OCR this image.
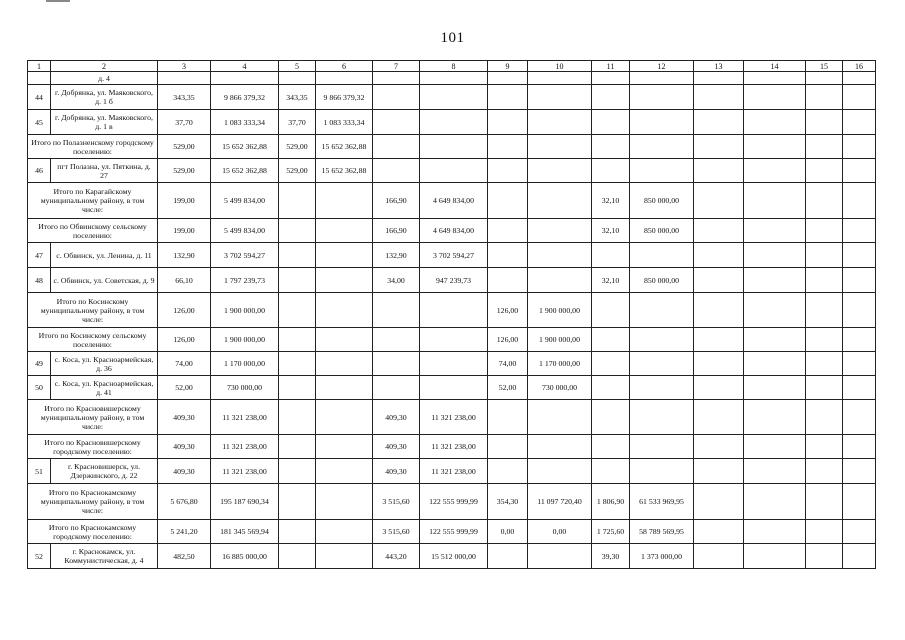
101
1	2	3	4	5	6	7	8	9	10	11	12	13	14	15	16
	д. 4														
44	г. Добрянка, ул. Маяковского, д. 1 б	343,35	9 866 379,32	343,35	9 866 379,32										
45	г. Добрянка, ул. Маяковского, д. 1 в	37,70	1 083 333,34	37,70	1 083 333,34										
Итого по Полазненскому городскому поселению:		529,00	15 652 362,88	529,00	15 652 362,88										
46	пгт Полазна, ул. Пяткина, д. 27	529,00	15 652 362,88	529,00	15 652 362,88										
Итого по Карагайскому муниципальному району, в том числе:		199,00	5 499 834,00			166,90	4 649 834,00			32,10	850 000,00				
Итого по Обвинскому сельскому поселению:		199,00	5 499 834,00			166,90	4 649 834,00			32,10	850 000,00				
47	с. Обвинск, ул. Ленина, д. 11	132,90	3 702 594,27			132,90	3 702 594,27								
48	с. Обвинск, ул. Советская, д. 9	66,10	1 797 239,73			34,00	947 239,73			32,10	850 000,00				
Итого по Косинскому муниципальному району, в том числе:		126,00	1 900 000,00					126,00	1 900 000,00						
Итого по Косинскому сельскому поселению:		126,00	1 900 000,00					126,00	1 900 000,00						
49	с. Коса, ул. Красноармейская, д. 36	74,00	1 170 000,00					74,00	1 170 000,00						
50	с. Коса, ул. Красноармейская, д. 41	52,00	730 000,00					52,00	730 000,00						
Итого по Красновишерскому муниципальному району, в том числе:		409,30	11 321 238,00			409,30	11 321 238,00								
Итого по Красновишерскому городскому поселению:		409,30	11 321 238,00			409,30	11 321 238,00								
51	г. Красновишерск, ул. Дзержинского, д. 22	409,30	11 321 238,00			409,30	11 321 238,00								
Итого по Краснокамскому муниципальному району, в том числе:		5 676,80	195 187 690,34			3 515,60	122 555 999,99	354,30	11 097 720,40	1 806,90	61 533 969,95				
Итого по Краснокамскому городскому поселению:		5 241,20	181 345 569,94			3 515,60	122 555 999,99	0,00	0,00	1 725,60	58 789 569,95				
52	г. Краснокамск, ул. Коммунистическая, д. 4	482,50	16 885 000,00			443,20	15 512 000,00			39,30	1 373 000,00				
